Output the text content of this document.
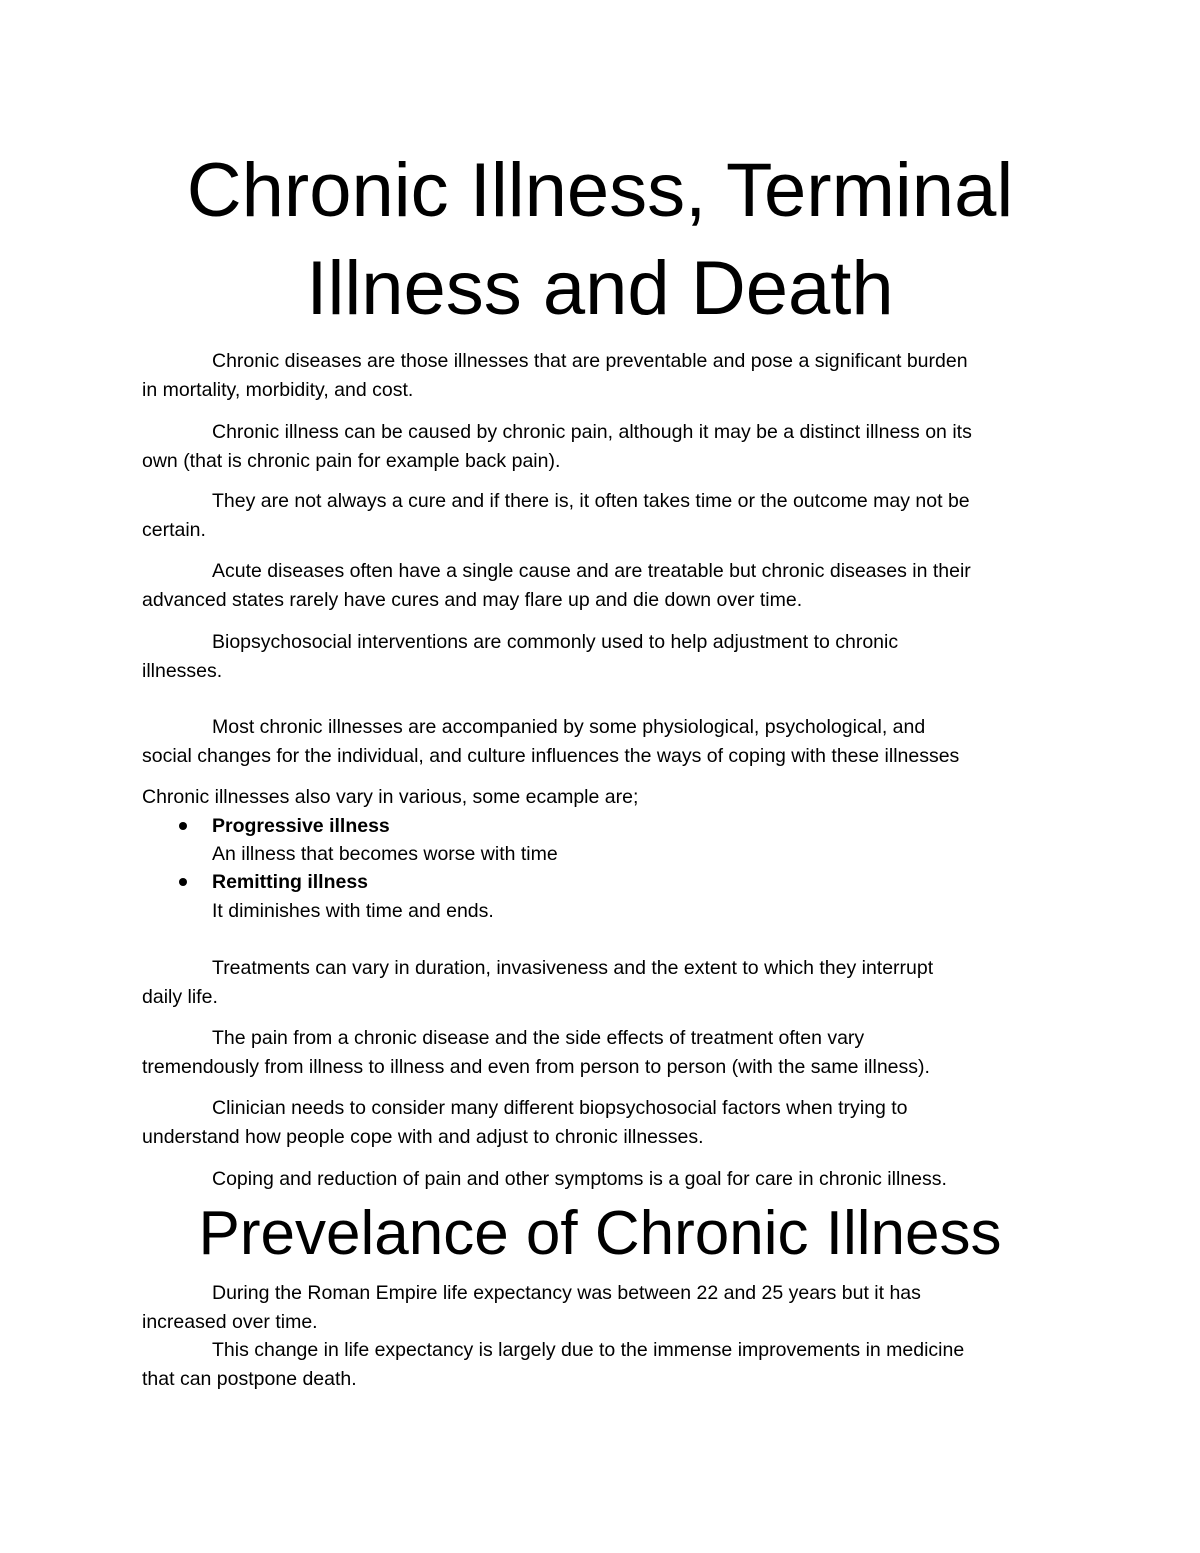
Chronic Illness, Terminal
Illness and Death

Chronic diseases are those illnesses that are preventable and pose a significant burden
in mortality, morbidity, and cost.

Chronic illness can be caused by chronic pain, although it may be a distinct illness on its
own (that is chronic pain for example back pain).

They are not always a cure and if there is, it often takes time or the outcome may not be
certain.

Acute diseases often have a single cause and are treatable but chronic diseases in their
advanced states rarely have cures and may flare up and die down over time.

Biopsychosocial interventions are commonly used to help adjustment to chronic
illnesses.

Most chronic illnesses are accompanied by some physiological, psychological, and
social changes for the individual, and culture influences the ways of coping with these illnesses

Chronic illnesses also vary in various, some ecample are;

Progressive illness
An illness that becomes worse with time
Remitting illness
It diminishes with time and ends.

Treatments can vary in duration, invasiveness and the extent to which they interrupt
daily life.

The pain from a chronic disease and the side effects of treatment often vary
tremendously from illness to illness and even from person to person (with the same illness).

Clinician needs to consider many different biopsychosocial factors when trying to
understand how people cope with and adjust to chronic illnesses.

Coping and reduction of pain and other symptoms is a goal for care in chronic illness.

Prevelance of Chronic Illness

During the Roman Empire life expectancy was between 22 and 25 years but it has
increased over time.

This change in life expectancy is largely due to the immense improvements in medicine
that can postpone death.
